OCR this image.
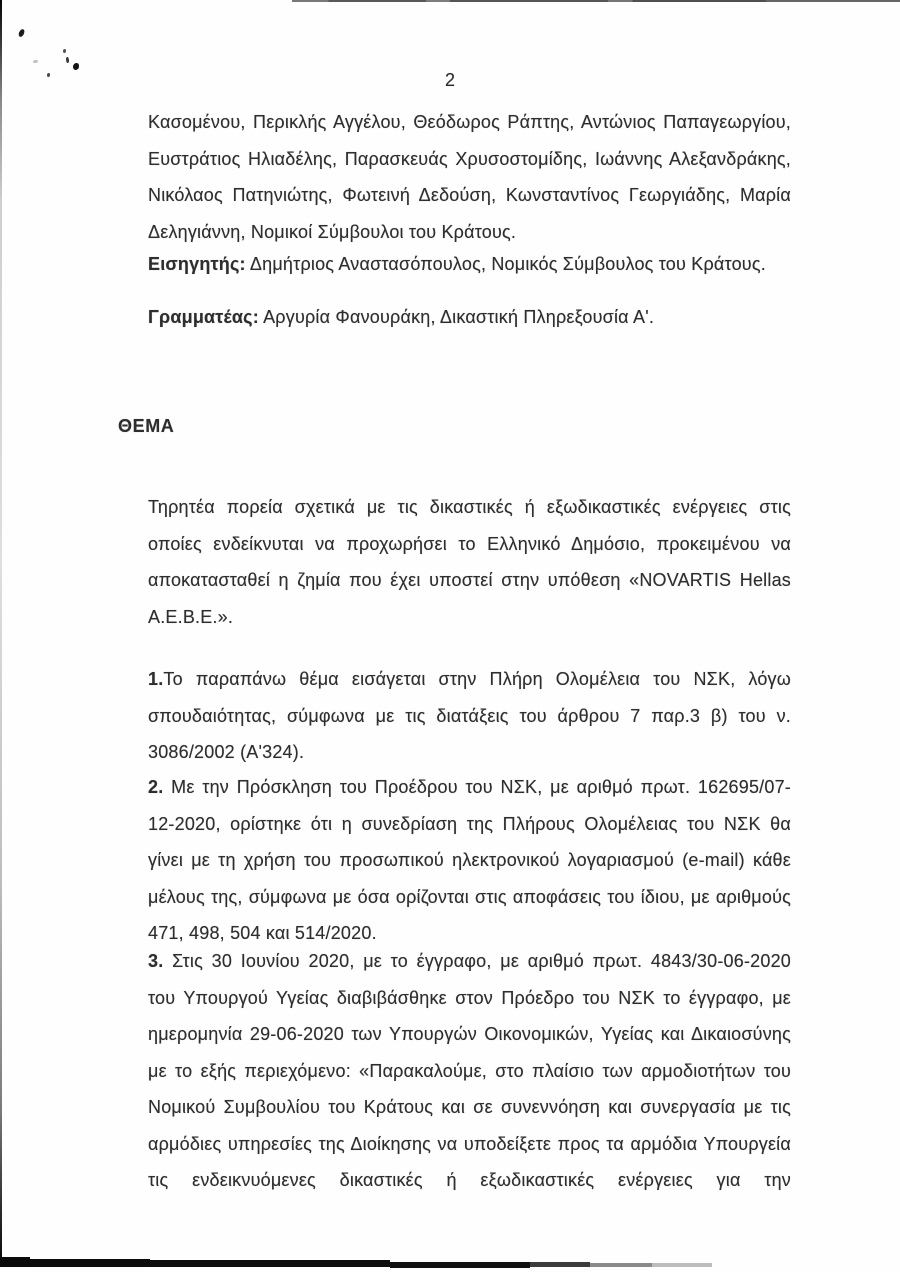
2
Κασομένου, Περικλής Αγγέλου, Θεόδωρος Ράπτης, Αντώνιος Παπαγεωργίου,
Ευστράτιος Ηλιαδέλης, Παρασκευάς Χρυσοστομίδης, Ιωάννης Αλεξανδράκης,
Νικόλαος Πατηνιώτης, Φωτεινή Δεδούση, Κωνσταντίνος Γεωργιάδης, Μαρία
Δεληγιάννη, Νομικοί Σύμβουλοι του Κράτους.
Εισηγητής: Δημήτριος Αναστασόπουλος, Νομικός Σύμβουλος του Κράτους.
Γραμματέας: Αργυρία Φανουράκη, Δικαστική Πληρεξουσία Α'.
ΘΕΜΑ
Τηρητέα πορεία σχετικά με τις δικαστικές ή εξωδικαστικές ενέργειες στις
οποίες ενδείκνυται να προχωρήσει το Ελληνικό Δημόσιο, προκειμένου να
αποκατασταθεί η ζημία που έχει υποστεί στην υπόθεση «NOVARTIS Hellas
Α.Ε.Β.Ε.».
1.Το παραπάνω θέμα εισάγεται στην Πλήρη Ολομέλεια του ΝΣΚ, λόγω
σπουδαιότητας, σύμφωνα με τις διατάξεις του άρθρου 7 παρ.3 β) του ν.
3086/2002 (Α'324).
2. Με την Πρόσκληση του Προέδρου του ΝΣΚ, με αριθμό πρωτ. 162695/07-
12-2020, ορίστηκε ότι η συνεδρίαση της Πλήρους Ολομέλειας του ΝΣΚ θα
γίνει με τη χρήση του προσωπικού ηλεκτρονικού λογαριασμού (e-mail) κάθε
μέλους της, σύμφωνα με όσα ορίζονται στις αποφάσεις του ίδιου, με αριθμούς
471, 498, 504 και 514/2020.
3. Στις 30 Ιουνίου 2020, με το έγγραφο, με αριθμό πρωτ. 4843/30-06-2020
του Υπουργού Υγείας διαβιβάσθηκε στον Πρόεδρο του ΝΣΚ το έγγραφο, με
ημερομηνία 29-06-2020 των Υπουργών Οικονομικών, Υγείας και Δικαιοσύνης
με το εξής περιεχόμενο: «Παρακαλούμε, στο πλαίσιο των αρμοδιοτήτων του
Νομικού Συμβουλίου του Κράτους και σε συνεννόηση και συνεργασία με τις
αρμόδιες υπηρεσίες της Διοίκησης να υποδείξετε προς τα αρμόδια Υπουργεία
τις ενδεικνυόμενες δικαστικές ή εξωδικαστικές ενέργειες για την
